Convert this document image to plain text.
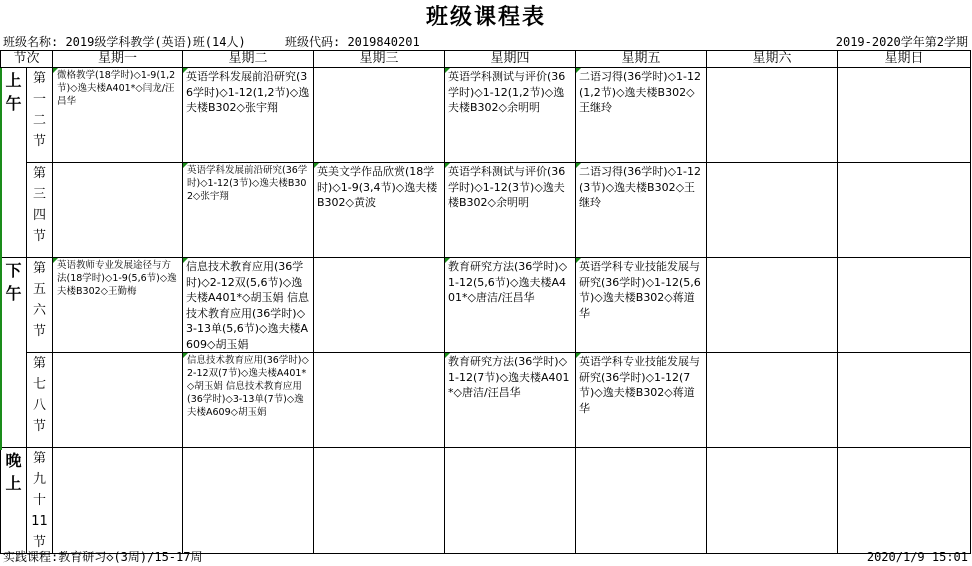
班级课程表
班级名称: 2019级学科教学(英语)班(14人)	班级代码: 2019840201	2019-2020学年第2学期
节次		星期一	星期二	星期三	星期四	星期五	星期六	星期日
上午	第一二节	微格教学(18学时)◇1-9(1,2节)◇逸夫楼A401*◇闫龙/汪昌华	英语学科发展前沿研究(36学时)◇1-12(1,2节)◇逸夫楼B302◇张宇翔		英语学科测试与评价(36学时)◇1-12(1,2节)◇逸夫楼B302◇余明明	二语习得(36学时)◇1-12(1,2节)◇逸夫楼B302◇王继玲		

	第三四节		英语学科发展前沿研究(36学时)◇1-12(3节)◇逸夫楼B302◇张宇翔	英美文学作品欣赏(18学时)◇1-9(3,4节)◇逸夫楼B302◇黄波	英语学科测试与评价(36学时)◇1-12(3节)◇逸夫楼B302◇余明明	二语习得(36学时)◇1-12(3节)◇逸夫楼B302◇王继玲		

下午	第五六节	英语教师专业发展途径与方法(18学时)◇1-9(5,6节)◇逸夫楼B302◇王勤梅	信息技术教育应用(36学时)◇2-12双(5,6节)◇逸夫楼A401*◇胡玉娟 信息技术教育应用(36学时)◇3-13单(5,6节)◇逸夫楼A609◇胡玉娟		教育研究方法(36学时)◇1-12(5,6节)◇逸夫楼A401*◇唐洁/汪昌华	英语学科专业技能发展与研究(36学时)◇1-12(5,6节)◇逸夫楼B302◇蒋道华		

	第七八节		信息技术教育应用(36学时)◇2-12双(7节)◇逸夫楼A401*◇胡玉娟 信息技术教育应用(36学时)◇3-13单(7节)◇逸夫楼A609◇胡玉娟		教育研究方法(36学时)◇1-12(7节)◇逸夫楼A401*◇唐洁/汪昌华	英语学科专业技能发展与研究(36学时)◇1-12(7节)◇逸夫楼B302◇蒋道华		

晚上	第九十11节							
实践课程:教育研习◇(3周)/15-17周	2020/1/9 15:01
